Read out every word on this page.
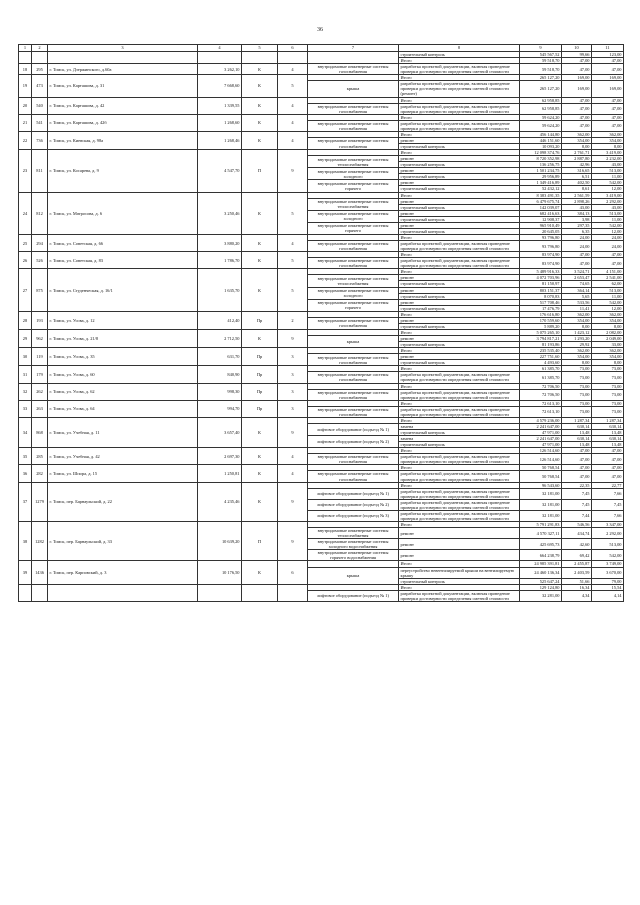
36
1	2	3	4	5	6	7	8	9	10	11
							строительный контроль	545 567,52	99,66	123,00
							Итого	59 518,70	47,00	47,00
18	295	г. Томск, ул. Дзержинского, д.60а	3 262,10	К	4	внутридомовые инженерные системы газоснабжения	разработка проектной документации, включая проведение проверки достоверности определения сметной стоимости	59 518,70	47,00	47,00
19	473	г. Томск, ул. Карташова, д. 31	7 668,60	К	5		Итого	265 127,20	169,00	169,00
						крыша	разработка проектной документации, включая проведение проверки достоверности определения сметной стоимости (ремонт)	265 127,20	169,00	169,00
20	540	г. Томск, ул. Карташова, д. 42	1 339,55	К	4		Итого	62 958,85	47,00	47,00
						внутридомовые инженерные системы газоснабжения	разработка проектной документации, включая проведение проверки достоверности определения сметной стоимости	62 958,85	47,00	47,00
21	541	г. Томск, ул. Карташова, д. 42б	1 268,60	К	4		Итого	59 624,20	47,00	47,00
						внутридомовые инженерные системы газоснабжения	разработка проектной документации, включая проведение проверки достоверности определения сметной стоимости	59 624,20	47,00	47,00
22	736	г. Томск, ул. Киевская, д. 98а	1 268,46	К	4		Итого	456 144,80	362,00	362,00
						внутридомовые инженерные системы газоснабжения	ремонт	446 151,60	354,00	354,00
							строительный контроль	10 093,20	8,00	8,00
23	811	г. Томск, ул. Косарева, д. 9	4 547,70	П	9		Итого	12 098 374,76	2 761,71	3 419,00
						внутридомовые инженерные системы теплоснабжения	ремонт	8 720 352,98	2 887,80	2 232,00
							строительный контроль	136 256,75	42,96	43,00
						внутридомовые инженерные системы холодного	ремонт	1 501 234,75	316,65	513,00
							строительный контроль	29 956,89	6,51	11,00
						внутридомовые инженерные системы горячего	ремонт	1 349 416,89	402,50	542,00
							строительный контроль	52 432,12	8,61	12,00
24	812	г. Томск, ул. Матросова, д. 6	3 250,46	К	5		Итого	8 383 491,35	2 561,59	3 419,00
						внутридомовые инженерные системы теплоснабжения	ремонт	6 479 675,74	2 898,26	2 292,00
							строительный контроль	142 039,07	43,00	43,00
						внутридомовые инженерные системы холодного	ремонт	682 416,63	384,13	513,00
							строительный контроль	12 908,37	3,98	11,00
						внутридомовые инженерные системы горячего	ремонт	965 910,49	297,35	542,00
							строительный контроль	20 645,05	6,35	12,00
25	294	г. Томск, ул. Советская, д. 66	3 880,20	К	4		Итого	93 796,80	24,00	24,00
						внутридомовые инженерные системы газоснабжения	разработка проектной документации, включая проведение проверки достоверности определения сметной стоимости	93 796,80	24,00	24,00
26	526	г. Томск, ул. Советская, д. 83	1 786,70	К	5		Итого	83 974,90	47,00	47,00
						внутридомовые инженерные системы газоснабжения	разработка проектной документации, включая проведение проверки достоверности определения сметной стоимости	83 974,90	47,00	47,00
27	875	г. Томск, ул. Студенческая, д. 16/1	1 635,70	К	5		Итого	5 489 916,33	3 524,71	4 151,00
						внутридомовые инженерные системы теплоснабжения	ремонт	4 072 703,96	2 653,47	2 541,00
							строительный контроль	81 150,97	74,65	62,00
						внутридомовые инженерные системы холодного	ремонт	803 151,37	364,14	513,00
							строительный контроль	8 070,83	5,65	11,00
						внутридомовые инженерные системы горячего	ремонт	517 708,46	533,56	542,00
							строительный контроль	17 476,79	11,41	12,00
28	193	г. Томск, ул. Усова, д. 12	412,40	Пр	2		Итого	176 616,80	362,00	362,00
						внутридомовые инженерные системы газоснабжения	ремонт	170 559,60	354,00	354,00
							строительный контроль	5 889,20	8,00	8,00
29	962	г. Томск, ул. Усова, д. 21/8	2 712,50	К	9		Итого	5 075 265,10	1 423,12	2 082,00
						крыша	ремонт	3 794 817,21	1 293,20	2 049,00
							строительный контроль	81 193,86	29,92	33,00
30	119	г. Томск, ул. Усова, д. 35	631,70	Пр	3		Итого	235 535,40	362,00	362,00
						внутридомовые инженерные системы газоснабжения	ремонт	227 751,60	354,00	354,00
							строительный контроль	4 493,60	8,00	8,00
31	179	г. Томск, ул. Усова, д. 60	840,90	Пр	3		Итого	61 385,70	73,00	73,00
						внутридомовые инженерные системы газоснабжения	разработка проектной документации, включая проведение проверки достоверности определения сметной стоимости	61 385,70	73,00	73,00
32	262	г. Томск, ул. Усова, д. 62	998,30	Пр	3		Итого	72 706,50	73,00	73,00
						внутридомовые инженерные системы газоснабжения	разработка проектной документации, включая проведение проверки достоверности определения сметной стоимости	72 706,50	73,00	73,00
33	263	г. Томск, ул. Усова, д. 64	994,70	Пр	3		Итого	72 613,10	73,00	73,00
						внутридомовые инженерные системы газоснабжения	разработка проектной документации, включая проведение проверки достоверности определения сметной стоимости	72 613,10	73,00	73,00
34	868	г. Томск, ул. Учебная, д. 11	3 657,40	К	9		Итого	4 579 236,00	1 287,34	1 287,34
						лифтовое оборудование (подъезд № 1)	замена	2 241 647,00	630,14	630,14
							строительный контроль	47 971,00	13,48	13,48
						лифтовое оборудование (подъезд № 2)	замена	2 241 647,00	630,14	630,14
							строительный контроль	47 971,00	13,48	13,48
35	285	г. Томск, ул. Учебная, д. 42	2 697,30	К	4		Итого	126 514,60	47,00	47,00
						внутридомовые инженерные системы газоснабжения	разработка проектной документации, включая проведение проверки достоверности определения сметной стоимости	126 514,60	47,00	47,00
36	282	г. Томск, ул. Шпора, д. 15	1 250,81	К	4		Итого	50 768,54	47,00	47,00
						внутридомовые инженерные системы газоснабжения	разработка проектной документации, включая проведение проверки достоверности определения сметной стоимости	50 768,54	47,00	47,00
37	1279	г. Томск, пер. Барнаульский, д. 22	4 235,46	К	9		Итого	96 543,60	22,35	22,77
						лифтовое оборудование (подъезд № 1)	разработка проектной документации, включая проведение проверки достоверности определения сметной стоимости	32 181,00	7,45	7,66
						лифтовое оборудование (подъезд № 2)	разработка проектной документации, включая проведение проверки достоверности определения сметной стоимости	32 181,00	7,45	7,45
						лифтовое оборудование (подъезд № 3)	разработка проектной документации, включая проведение проверки достоверности определения сметной стоимости	32 181,00	7,44	7,66
38	1282	г. Томск, пер. Барнаульский, д. 33	10 639,20	П	9		Итого	5 791 291,83	546,56	3 347,00
						внутридомовые инженерные системы теплоснабжения	ремонт	4 570 327,11	434,74	2 292,00
						внутридомовые инженерные системы холодного водоснабжения	ремонт	425 695,73	42,60	513,00
						внутридомовые инженерные системы горячего водоснабжения	ремонт	664 238,79	69,42	542,00
39	1436	г. Томск, пер. Карповский, д. 3	10 176,50	К	6		Итого	24 985 391,81	2 455,87	3 749,00
						крыша	переустройство невентилируемой крыши на вентилируемую крышу	24 460 136,34	2 403,59	3 670,00
							строительный контроль	525 647,24	51,66	79,00
							Итого	129 124,80	16,34	15,54
						лифтовое оборудование (подъезд № 1)	разработка проектной документации, включая проведение проверки достоверности определения сметной стоимости	32 281,00	4,34	4,14
